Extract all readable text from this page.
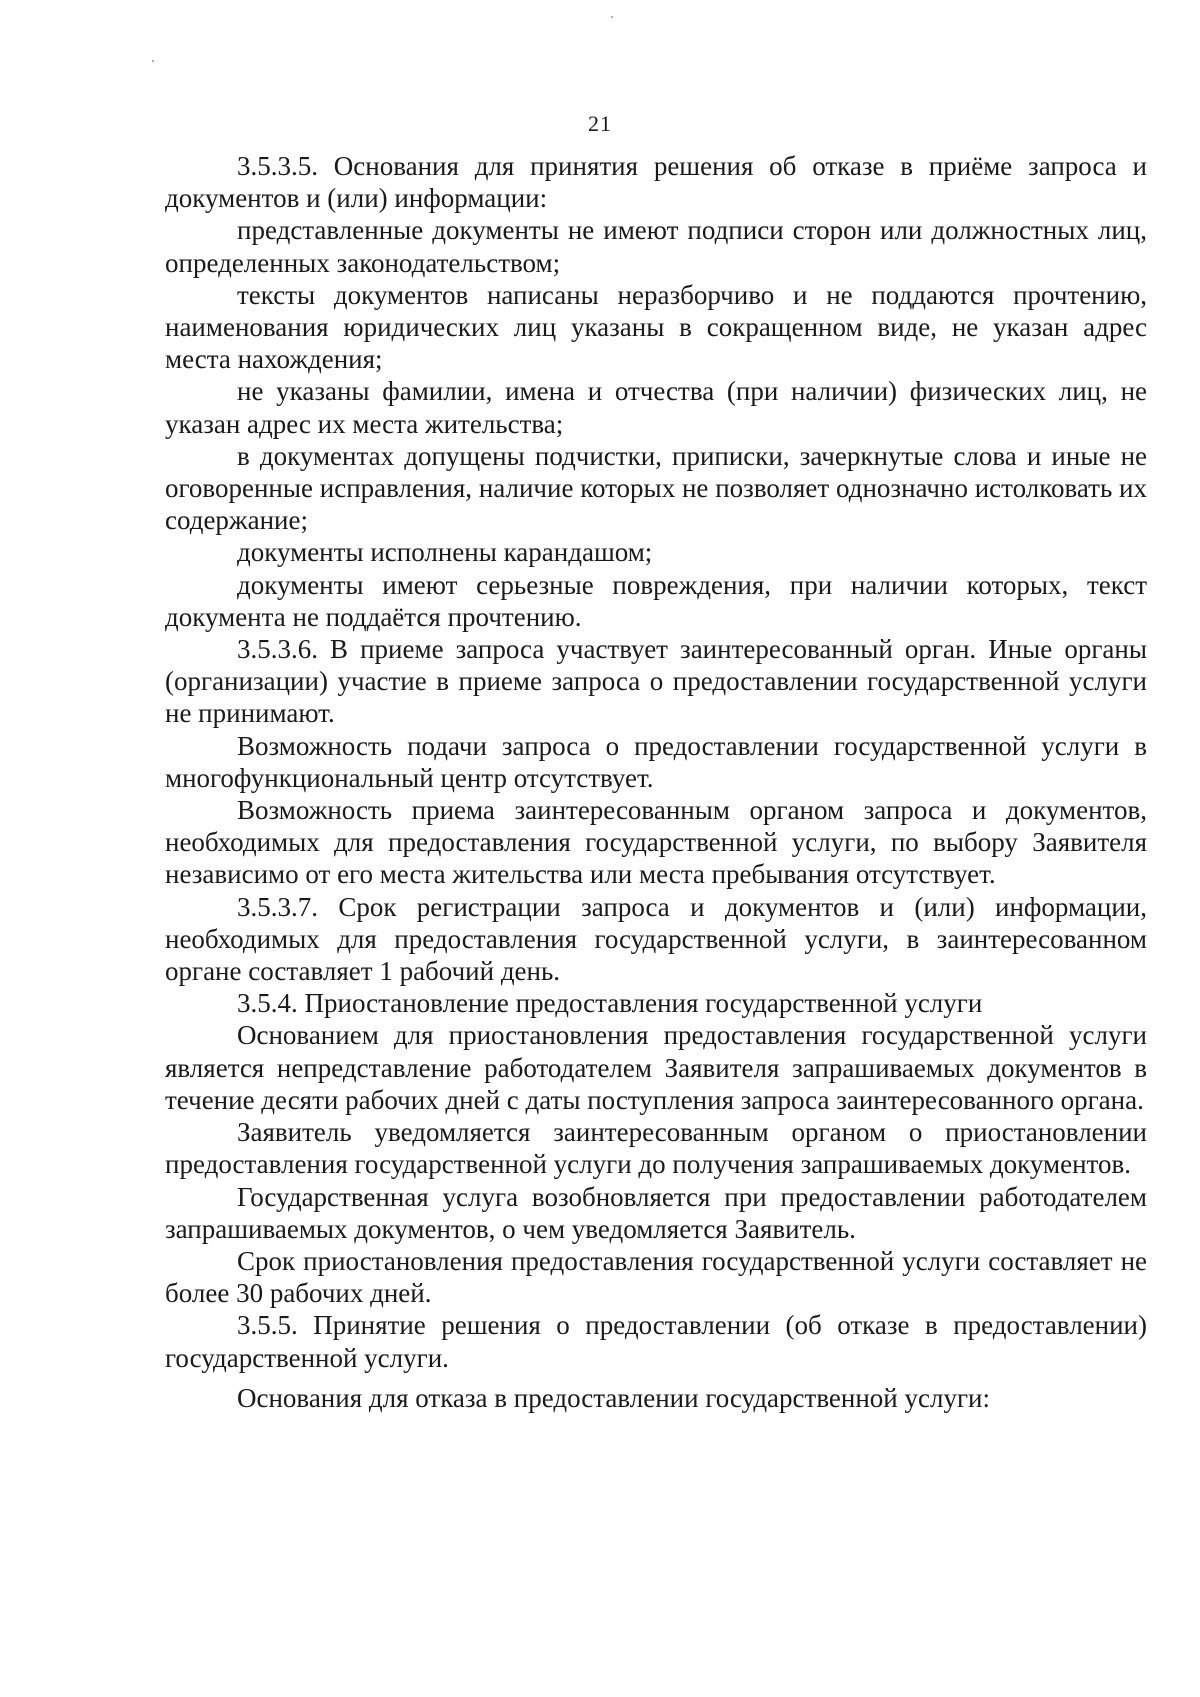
21

3.5.3.5. Основания для принятия решения об отказе в приёме запроса и документов и (или) информации:

представленные документы не имеют подписи сторон или должностных лиц, определенных законодательством;

тексты документов написаны неразборчиво и не поддаются прочтению, наименования юридических лиц указаны в сокращенном виде, не указан адрес места нахождения;

не указаны фамилии, имена и отчества (при наличии) физических лиц, не указан адрес их места жительства;

в документах допущены подчистки, приписки, зачеркнутые слова и иные не оговоренные исправления, наличие которых не позволяет однозначно истолковать их содержание;

документы исполнены карандашом;

документы имеют серьезные повреждения, при наличии которых, текст документа не поддаётся прочтению.

3.5.3.6. В приеме запроса участвует заинтересованный орган. Иные органы (организации) участие в приеме запроса о предоставлении государственной услуги не принимают.

Возможность подачи запроса о предоставлении государственной услуги в многофункциональный центр отсутствует.

Возможность приема заинтересованным органом запроса и документов, необходимых для предоставления государственной услуги, по выбору Заявителя независимо от его места жительства или места пребывания отсутствует.

3.5.3.7. Срок регистрации запроса и документов и (или) информации, необходимых для предоставления государственной услуги, в заинтересованном органе составляет 1 рабочий день.

3.5.4. Приостановление предоставления государственной услуги

Основанием для приостановления предоставления государственной услуги является непредставление работодателем Заявителя запрашиваемых документов в течение десяти рабочих дней с даты поступления запроса заинтересованного органа.

Заявитель уведомляется заинтересованным органом о приостановлении предоставления государственной услуги до получения запрашиваемых документов.

Государственная услуга возобновляется при предоставлении работодателем запрашиваемых документов, о чем уведомляется Заявитель.

Срок приостановления предоставления государственной услуги составляет не более 30 рабочих дней.

3.5.5. Принятие решения о предоставлении (об отказе в предоставлении) государственной услуги.

Основания для отказа в предоставлении государственной услуги:
